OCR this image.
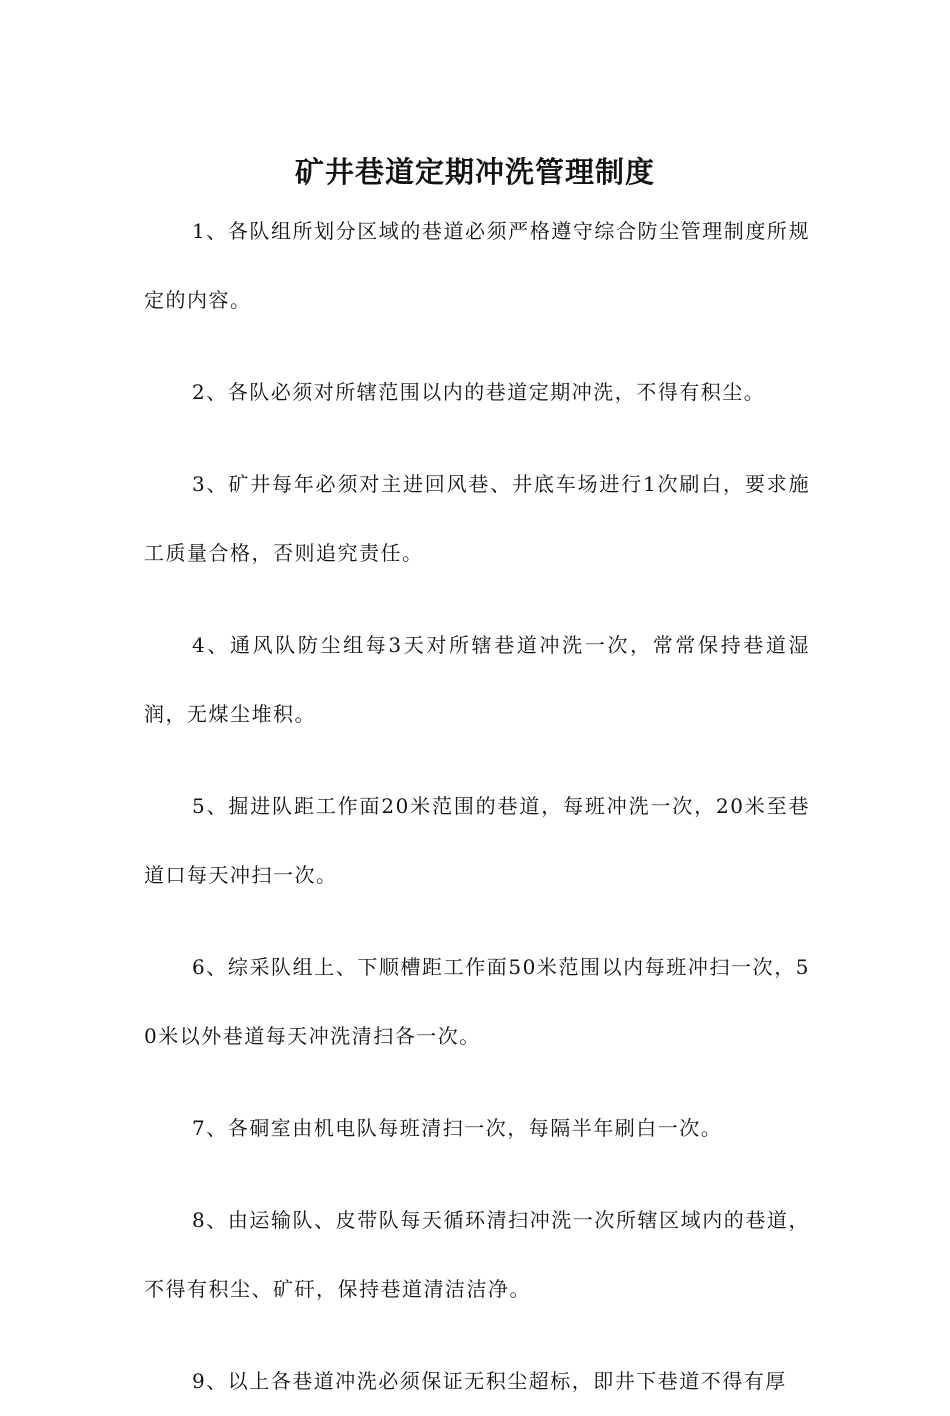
矿井巷道定期冲洗管理制度

1、各队组所划分区域的巷道必须严格遵守综合防尘管理制度所规定的内容。

2、各队必须对所辖范围以内的巷道定期冲洗，不得有积尘。

3、矿井每年必须对主进回风巷、井底车场进行1次刷白，要求施工质量合格，否则追究责任。

4、通风队防尘组每3天对所辖巷道冲洗一次，常常保持巷道湿润，无煤尘堆积。

5、掘进队距工作面20米范围的巷道，每班冲洗一次，20米至巷道口每天冲扫一次。

6、综采队组上、下顺槽距工作面50米范围以内每班冲扫一次，50米以外巷道每天冲洗清扫各一次。

7、各硐室由机电队每班清扫一次，每隔半年刷白一次。

8、由运输队、皮带队每天循环清扫冲洗一次所辖区域内的巷道，不得有积尘、矿矸，保持巷道清洁洁净。

9、以上各巷道冲洗必须保证无积尘超标，即井下巷道不得有厚
